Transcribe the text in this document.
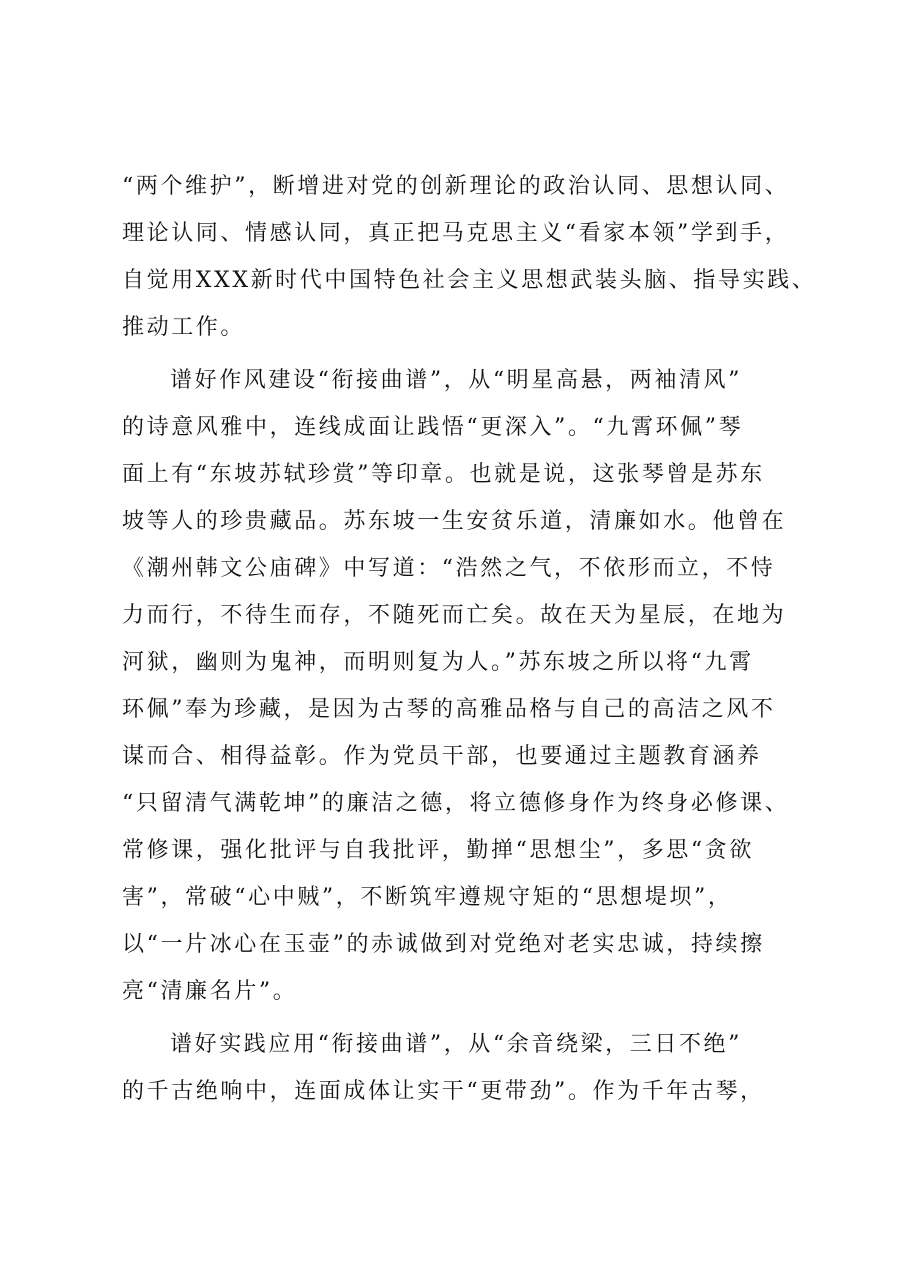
“两个维护”，断增进对党的创新理论的政治认同、思想认同、
理论认同、情感认同，真正把马克思主义“看家本领”学到手，
自觉用XXX新时代中国特色社会主义思想武装头脑、指导实践、
推动工作。
谱好作风建设“衔接曲谱”，从“明星高悬，两袖清风”
的诗意风雅中，连线成面让践悟“更深入”。“九霄环佩”琴
面上有“东坡苏轼珍赏”等印章。也就是说，这张琴曾是苏东
坡等人的珍贵藏品。苏东坡一生安贫乐道，清廉如水。他曾在
《潮州韩文公庙碑》中写道：“浩然之气，不依形而立，不恃
力而行，不待生而存，不随死而亡矣。故在天为星辰，在地为
河狱，幽则为鬼神，而明则复为人。”苏东坡之所以将“九霄
环佩”奉为珍藏，是因为古琴的高雅品格与自己的高洁之风不
谋而合、相得益彰。作为党员干部，也要通过主题教育涵养
“只留清气满乾坤”的廉洁之德，将立德修身作为终身必修课、
常修课，强化批评与自我批评，勤掸“思想尘”，多思“贪欲
害”，常破“心中贼”，不断筑牢遵规守矩的“思想堤坝”，
以“一片冰心在玉壶”的赤诚做到对党绝对老实忠诚，持续擦
亮“清廉名片”。
谱好实践应用“衔接曲谱”，从“余音绕梁，三日不绝”
的千古绝响中，连面成体让实干“更带劲”。作为千年古琴，
